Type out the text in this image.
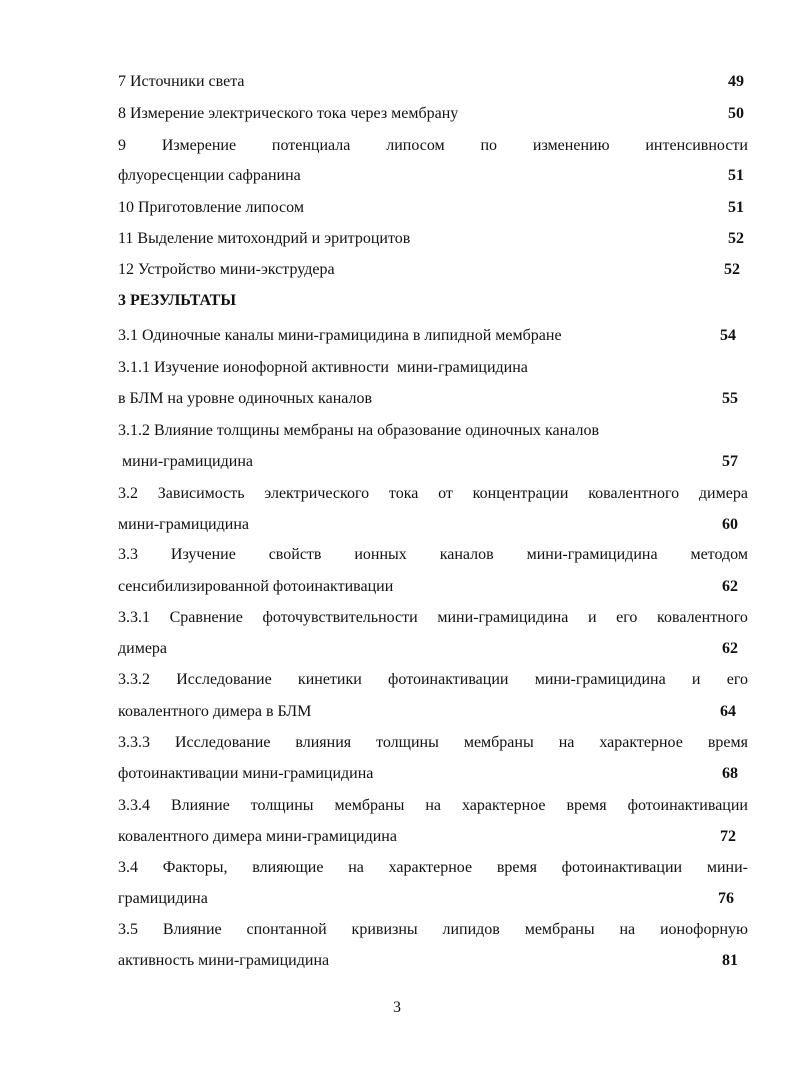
7 Источники света	49
8 Измерение электрического тока через мембрану	50
9 Измерение потенциала липосом по изменению интенсивности
флуоресценции сафранина	51
10 Приготовление липосом	51
11 Выделение митохондрий и эритроцитов	52
12 Устройство мини-экструдера	52
3 РЕЗУЛЬТАТЫ
3.1 Одиночные каналы мини-грамицидина в липидной мембране	54
3.1.1 Изучение ионофорной активности  мини-грамицидина
в БЛМ на уровне одиночных каналов	55
3.1.2 Влияние толщины мембраны на образование одиночных каналов
мини-грамицидина	57
3.2 Зависимость электрического тока от концентрации ковалентного димера
мини-грамицидина	60
3.3 Изучение свойств ионных каналов мини-грамицидина методом
сенсибилизированной фотоинактивации	62
3.3.1 Сравнение фоточувствительности мини-грамицидина и его ковалентного
димера	62
3.3.2 Исследование кинетики фотоинактивации мини-грамицидина и его
ковалентного димера в БЛМ	64
3.3.3 Исследование влияния толщины мембраны на характерное время
фотоинактивации мини-грамицидина	68
3.3.4 Влияние толщины мембраны на характерное время фотоинактивации
ковалентного димера мини-грамицидина	72
3.4 Факторы, влияющие на характерное время фотоинактивации мини-
грамицидина	76
3.5 Влияние спонтанной кривизны липидов мембраны на ионофорную
активность мини-грамицидина	81
3
